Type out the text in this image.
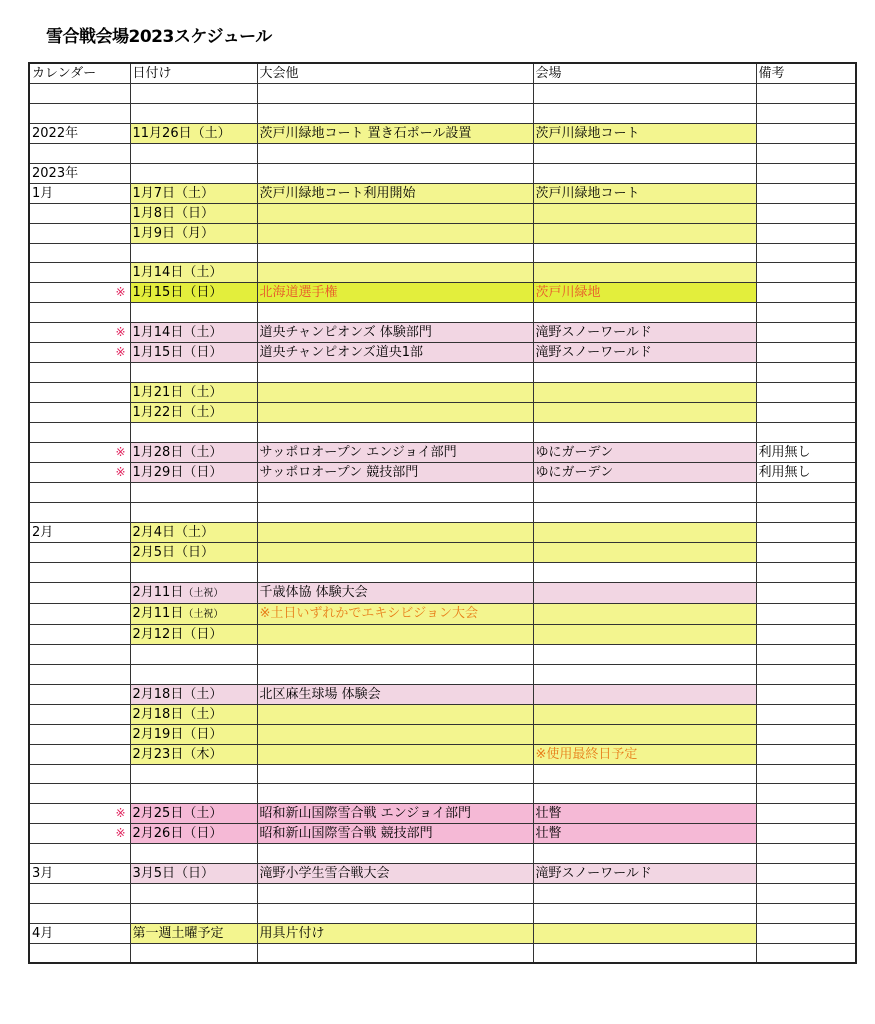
雪合戦会場2023スケジュール
カレンダー	日付け	大会他	会場	備考

2022年	11月26日（土）	茨戸川緑地コート 置き石ポール設置	茨戸川緑地コート	

2023年				

1月	1月7日（土）	茨戸川緑地コート利用開始	茨戸川緑地コート	

	1月8日（日）			

	1月9日（月）			

	1月14日（土）			

※	1月15日（日）	北海道選手権	茨戸川緑地	

※	1月14日（土）	道央チャンピオンズ 体験部門	滝野スノーワールド	

※	1月15日（日）	道央チャンピオンズ道央1部	滝野スノーワールド	

	1月21日（土）			

	1月22日（土）			

※	1月28日（土）	サッポロオープン エンジョイ部門	ゆにガーデン	利用無し

※	1月29日（日）	サッポロオープン 競技部門	ゆにガーデン	利用無し

2月	2月4日（土）			

	2月5日（日）			

	2月11日（土祝）	千歳体協 体験大会		

	2月11日（土祝）	※土日いずれかでエキシビジョン大会		

	2月12日（日）			

	2月18日（土）	北区麻生球場 体験会		

	2月18日（土）			

	2月19日（日）			

	2月23日（木）		※使用最終日予定	

※	2月25日（土）	昭和新山国際雪合戦 エンジョイ部門	壮瞥	

※	2月26日（日）	昭和新山国際雪合戦 競技部門	壮瞥	

3月	3月5日（日）	滝野小学生雪合戦大会	滝野スノーワールド	

4月	第一週土曜予定	用具片付け		
